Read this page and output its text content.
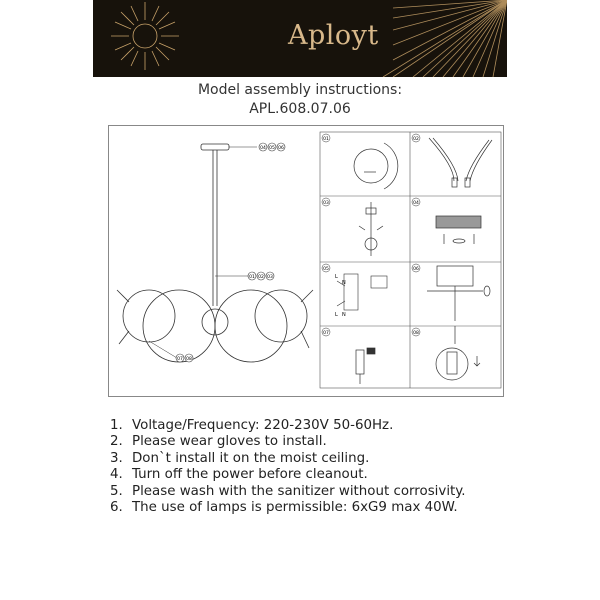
Aployt
Model assembly instructions:
APL.608.07.06
04 05 06
01 02 03
07 08
01	02
03	04
05	06
07	08
L
N
L N
1. Voltage/Frequency: 220-230V 50-60Hz.
2. Please wear gloves to install.
3. Don`t install it on the moist ceiling.
4. Turn off the power before cleanout.
5. Please wash with the sanitizer without corrosivity.
6. The use of lamps is permissible: 6xG9 max 40W.
